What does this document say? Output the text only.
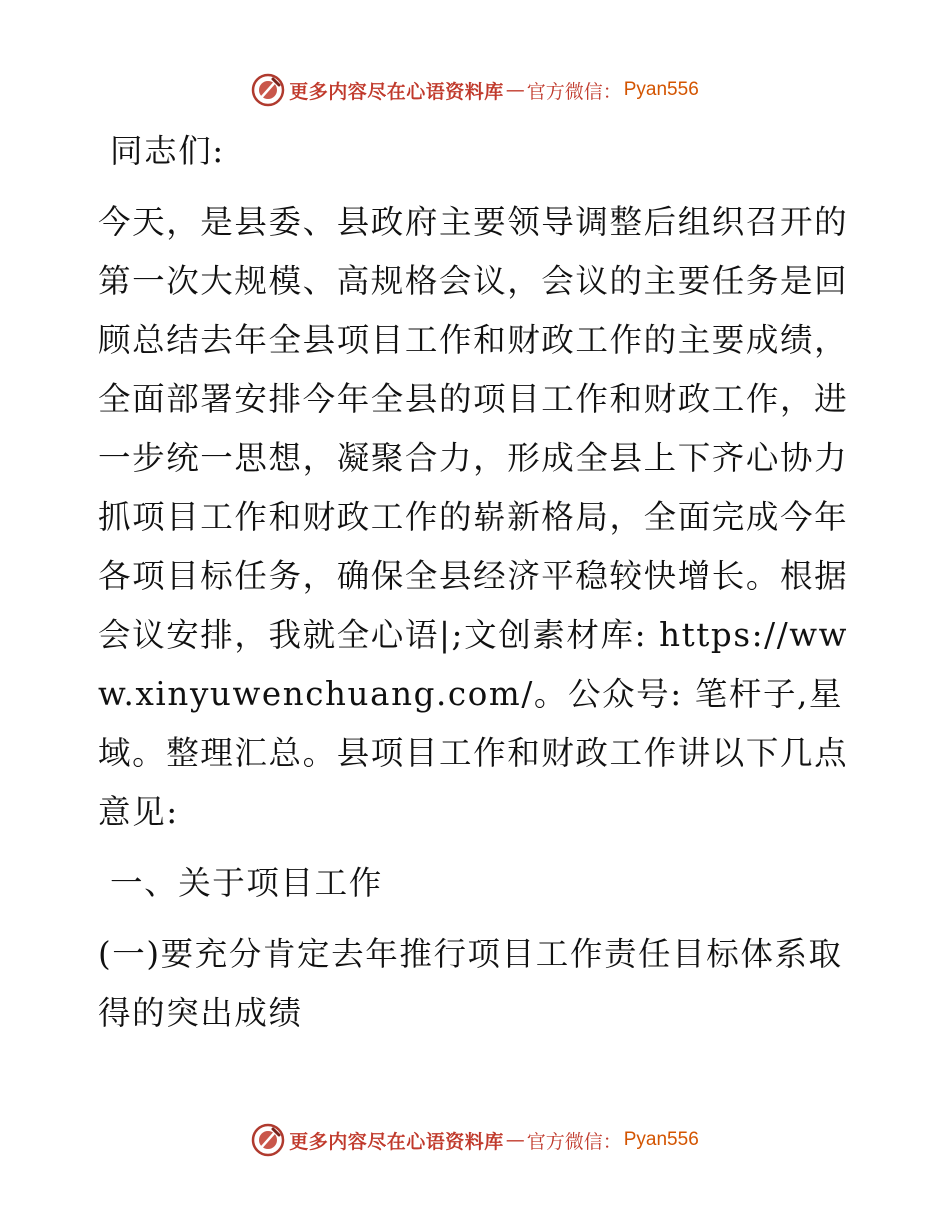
更多内容尽在心语资料库 — 官方微信： Pyan556

同志们:

今天，是县委、县政府主要领导调整后组织召开的第一次大规模、高规格会议，会议的主要任务是回顾总结去年全县项目工作和财政工作的主要成绩，全面部署安排今年全县的项目工作和财政工作，进一步统一思想，凝聚合力，形成全县上下齐心协力抓项目工作和财政工作的崭新格局，全面完成今年各项目标任务，确保全县经济平稳较快增长。根据会议安排，我就全心语|;文创素材库: https://www.xinyuwenchuang.com/。公众号: 笔杆子,星域。整理汇总。县项目工作和财政工作讲以下几点意见:

一、关于项目工作

(一)要充分肯定去年推行项目工作责任目标体系取得的突出成绩

更多内容尽在心语资料库 — 官方微信： Pyan556
